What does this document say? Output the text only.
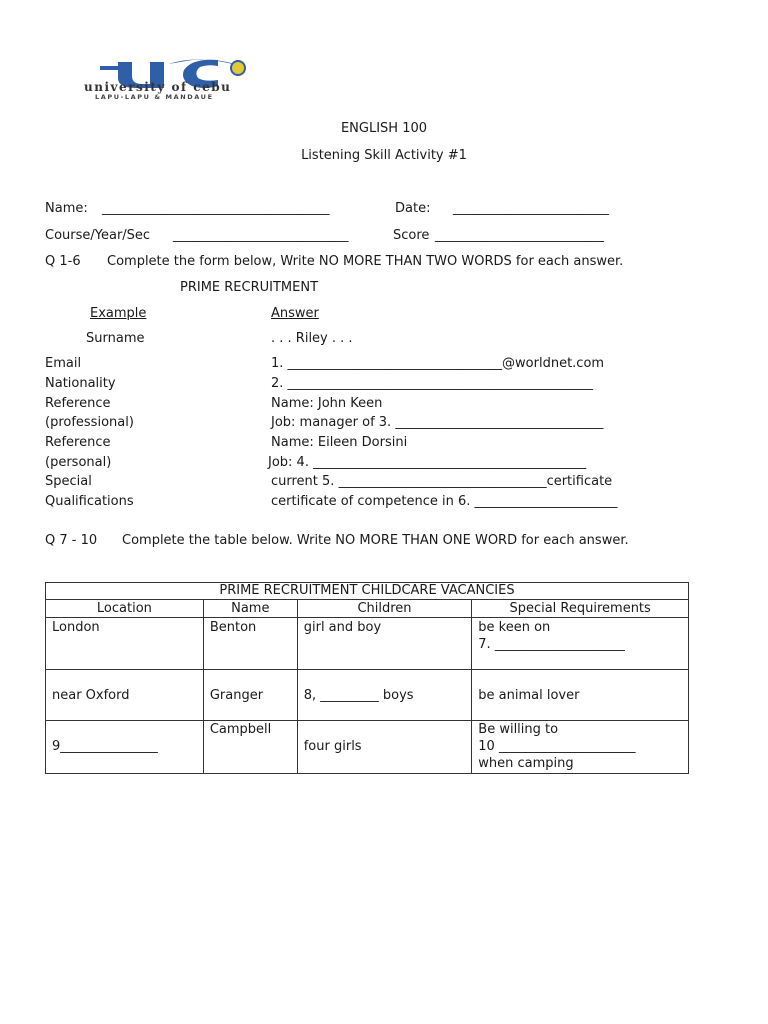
university of cebu
LAPU-LAPU & MANDAUE
ENGLISH 100
Listening Skill Activity #1
Name: ___________________________________	Date: ________________________
Course/Year/Sec ___________________________	Score __________________________
Q 1-6 Complete the form below, Write NO MORE THAN TWO WORDS for each answer.
PRIME RECRUITMENT
Example	Answer
Surname	. . . Riley . . .
Email	1. _________________________________@worldnet.com
Nationality	2. _______________________________________________
Reference	Name: John Keen
(professional)	Job: manager of 3. ________________________________
Reference	Name: Eileen Dorsini
(personal)	Job: 4. __________________________________________
Special	current 5. ________________________________certificate
Qualifications	certificate of competence in 6. ______________________
Q 7 - 10 Complete the table below. Write NO MORE THAN ONE WORD for each answer.
PRIME RECRUITMENT CHILDCARE VACANCIES			
Location	Name	Children	Special Requirements
London	Benton	girl and boy	be keen on
7. ____________________

near Oxford	Granger	8, _________ boys	be animal lover

9_______________	Campbell	four girls	Be willing to
10 _____________________
when camping
